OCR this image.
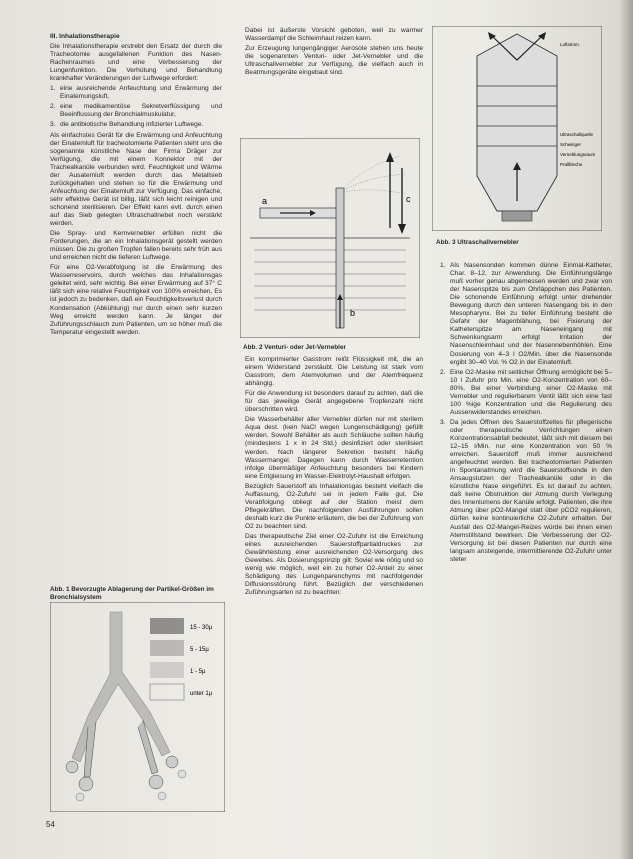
III. Inhalationstherapie

Die Inhalationstherapie erstrebt den Ersatz der durch die Tracheotomie ausgefallenen Funktion des Nasen-Rachenraumes und eine Verbesserung der Lungenfunktion. Die Verhütung und Behandlung krankhafter Veränderungen der Luftwege erfordert:

1. eine ausreichende Anfeuchtung und Erwärmung der Einatemungsluft,
2. eine medikamentöse Sekretverflüssigung und Beeinflussung der Bronchialmuskulatur,
3. die antibiotische Behandlung infizierter Luftwege.

Als einfachstes Gerät für die Erwärmung und Anfeuchtung der Einatemluft für tracheotomierte Patienten steht uns die sogenannte künstliche Nase der Firma Dräger zur Verfügung, die mit einem Konnektor mit der Trachealkanüle verbunden wird. Feuchtigkeit und Wärme der Ausatemluft werden durch das Metallsieb zurückgehalten und stehen so für die Erwärmung und Anfeuchtung der Einatemluft zur Verfügung. Das einfache, sehr effektive Gerät ist billig, läßt sich leicht reinigen und schonend sterilisieren. Der Effekt kann evtl. durch einen auf das Sieb gelegten Ultraschallnebel noch verstärkt werden.

Die Spray- und Kernvernebler erfüllen nicht die Forderungen, die an ein Inhalationsgerät gestellt werden müssen. Die zu großen Tropfen fallen bereits sehr früh aus und erreichen nicht die tieferen Luftwege.

Für eine O2-Verabfolgung ist die Erwärmung des Wasserreservoirs, durch welches das Inhalationsgas geleitet wird, sehr wichtig. Bei einer Erwärmung auf 37° C läßt sich eine relative Feuchtigkeit von 100% erreichen. Es ist jedoch zu bedenken, daß ein Feuchtigkeitsverlust durch Kondensation (Abkühlung) nur durch einen sehr kurzen Weg erreicht werden kann. Je länger der Zuführungsschlauch zum Patienten, um so höher muß die Temperatur eingestellt werden.

Abb. 1 Bevorzugte Ablagerung der Partikel-Größen im Bronchialsystem
15 - 30µ
5 - 15µ
1 - 5µ
unter 1µ

Dabei ist äußerste Vorsicht geboten, weil zu warmer Wasserdampf die Schleimhaut reizen kann.

Zur Erzeugung lungengängiger Aerosole stehen uns heute die sogenannten Venturi- oder Jet-Vernebler und die Ultraschallvernebler zur Verfügung, die vielfach auch in Beatmungsgeräte eingebaut sind.

a
b
c
Abb. 2 Venturi- oder Jet-Vernebler

Ein komprimierter Gasstrom reißt Flüssigkeit mit, die an einem Widerstand zerstäubt. Die Leistung ist stark vom Gasstrom, dem Atemvolumen und der Atemfrequenz abhängig.

Für die Anwendung ist besonders darauf zu achten, daß die für das jeweilige Gerät angegebene Tropfenzahl nicht überschritten wird.

Die Wasserbehälter aller Vernebler dürfen nur mit sterilem Aqua dest. (kein NaCl wegen Lungenschädigung) gefüllt werden. Sowohl Behälter als auch Schläuche sollten häufig (mindestens 1 x in 24 Std.) desinfiziert oder sterilisiert werden. Nach längerer Sekretion besteht häufig Wassermangel. Dagegen kann durch Wasserretention infolge übermäßiger Anfeuchtung besonders bei Kindern eine Entgleisung im Wasser-Elektrolyt-Haushalt erfolgen.

Bezüglich Sauerstoff als Inhalationsgas besteht vielfach die Auffassung, O2-Zufuhr sei in jedem Falle gut. Die Verabfolgung obliegt auf der Station meist dem Pflegekräften. Die nachfolgenden Ausführungen sollen deshalb kurz die Punkte erläutern, die bei der Zuführung von O2 zu beachten sind.

Das therapeutische Ziel einer O2-Zufuhr ist die Erreichung eines ausreichenden Sauerstoffpartialdruckes zur Gewährleistung einer ausreichenden O2-Versorgung des Gewebes. Als Dosierungsprinzip gilt: Soviel wie nötig und so wenig wie möglich, weil ein zu hoher O2-Anteil zu einer Schädigung des Lungenparenchyms mit nachfolgender Diffusionsstörung führt. Bezüglich der verschiedenen Zuführungsarten ist zu beachten:

Luftstrom
Ultraschallquelle
Schwinger
Verneblungsraum
Prallbleche
Abb. 3 Ultraschallvernebler
1. Als Nasensonden kommen dünne Einmal-Katheter, Char. 8–12, zur Anwendung. Die Einführungslänge muß vorher genau abgemessen werden und zwar von der Nasenspitze bis zum Ohrläppchen des Patienten. Die schonende Einführung erfolgt unter drehender Bewegung durch den unteren Nasengang bis in den Mesopharynx. Bei zu tiefer Einführung besteht die Gefahr der Magenblähung, bei Fixierung der Katheterspitze am Naseneingang mit Schwenkungsarm erfolgt Irritation der Nasenschleimhaut und der Nasennebenhöhlen. Eine Dosierung von 4–3 l O2/Min. über die Nasensonde ergibt 30–40 Vol. % O2 in der Einatemluft.
2. Eine O2-Maske mit seitlicher Öffnung ermöglicht bei 5–10 l Zufuhr pro Min. eine O2-Konzentration von 60–80%. Bei einer Verbindung einer O2-Maske mit Vernebler und regulierbarem Ventil läßt sich eine fast 100 %ige Konzentration und die Regulierung des Aussenwiderstandes erreichen.
3. Da jedes Öffnen des Sauerstoffzeltes für pflegerische oder therapeutische Verrichtungen einen Konzentrationsabfall bedeutet, läßt sich mit diesem bei 12–15 l/Min. nur eine Konzentration von 50 % erreichen. Sauerstoff muß immer ausreichend angefeuchtet werden. Bei tracheotomierten Patienten in Spontanatmung wird die Sauerstoffsonde in den Ansaugstutzen der Trachealkanüle oder in die künstliche Nase eingeführt. Es ist darauf zu achten, daß keine Obstruktion der Atmung durch Verlegung des Innenlumens der Kanüle erfolgt. Patienten, die ihre Atmung über pO2-Mangel statt über pCO2 regulieren, dürfen keine kontinuierliche O2-Zufuhr erhalten. Der Ausfall des O2-Mangel-Reizes würde bei ihnen einen Atemstillstand bewirken. Die Verbesserung der O2-Versorgung ist bei diesen Patienten nur durch eine langsam ansteigende, intermittierende O2-Zufuhr unter steter
54
